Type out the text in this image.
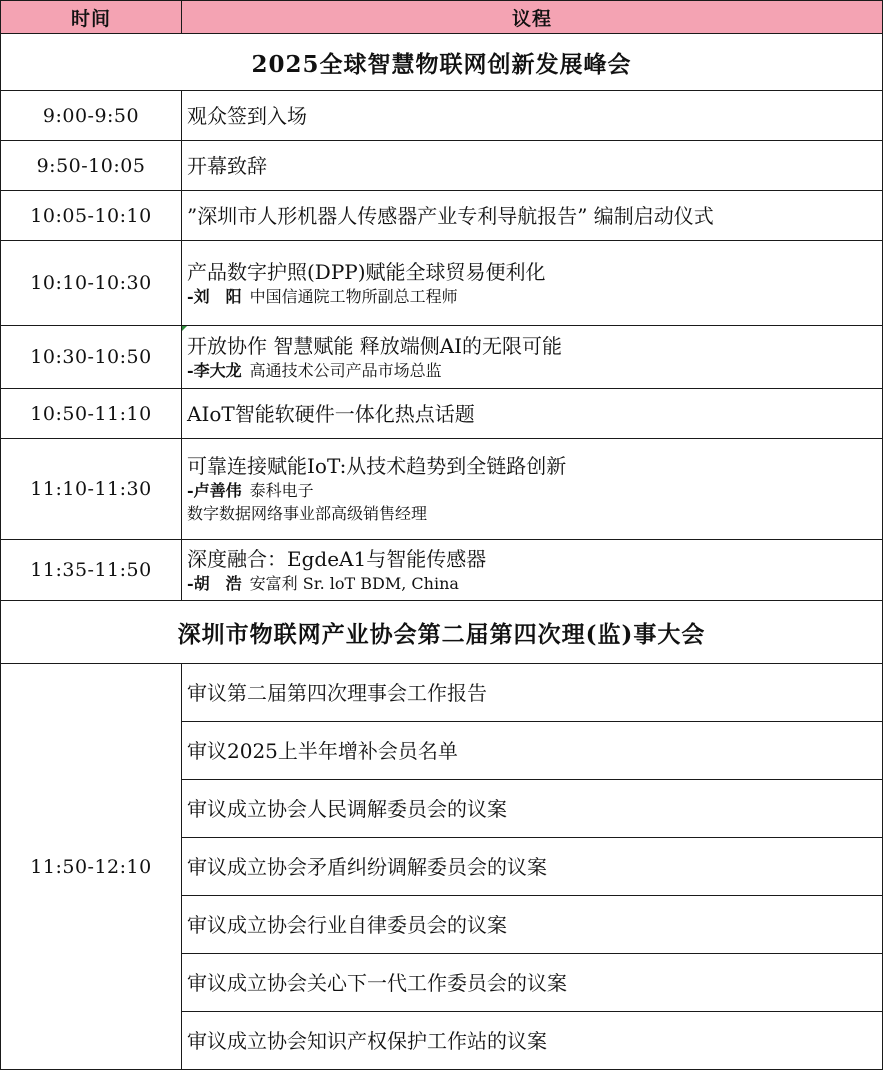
时间	议程
2025全球智慧物联网创新发展峰会	
9:00-9:50	观众签到入场

9:50-10:05	开幕致辞

10:05-10:10	”深圳市人形机器人传感器产业专利导航报告” 编制启动仪式

10:10-10:30	产品数字护照(DPP)赋能全球贸易便利化
-刘　阳 中国信通院工物所副总工程师

10:30-10:50	开放协作 智慧赋能 释放端侧AI的无限可能
-李大龙 高通技术公司产品市场总监

10:50-11:10	AIoT智能软硬件一体化热点话题

11:10-11:30	可靠连接赋能IoT:从技术趋势到全链路创新
-卢善伟 泰科电子
数字数据网络事业部高级销售经理

11:35-11:50	深度融合：EgdeA1与智能传感器
-胡　浩 安富利 Sr. loT BDM, China

深圳市物联网产业协会第二届第四次理(监)事大会	
11:50-12:10	审议第二届第四次理事会工作报告
	审议2025上半年增补会员名单
	审议成立协会人民调解委员会的议案
	审议成立协会矛盾纠纷调解委员会的议案
	审议成立协会行业自律委员会的议案
	审议成立协会关心下一代工作委员会的议案
	审议成立协会知识产权保护工作站的议案
